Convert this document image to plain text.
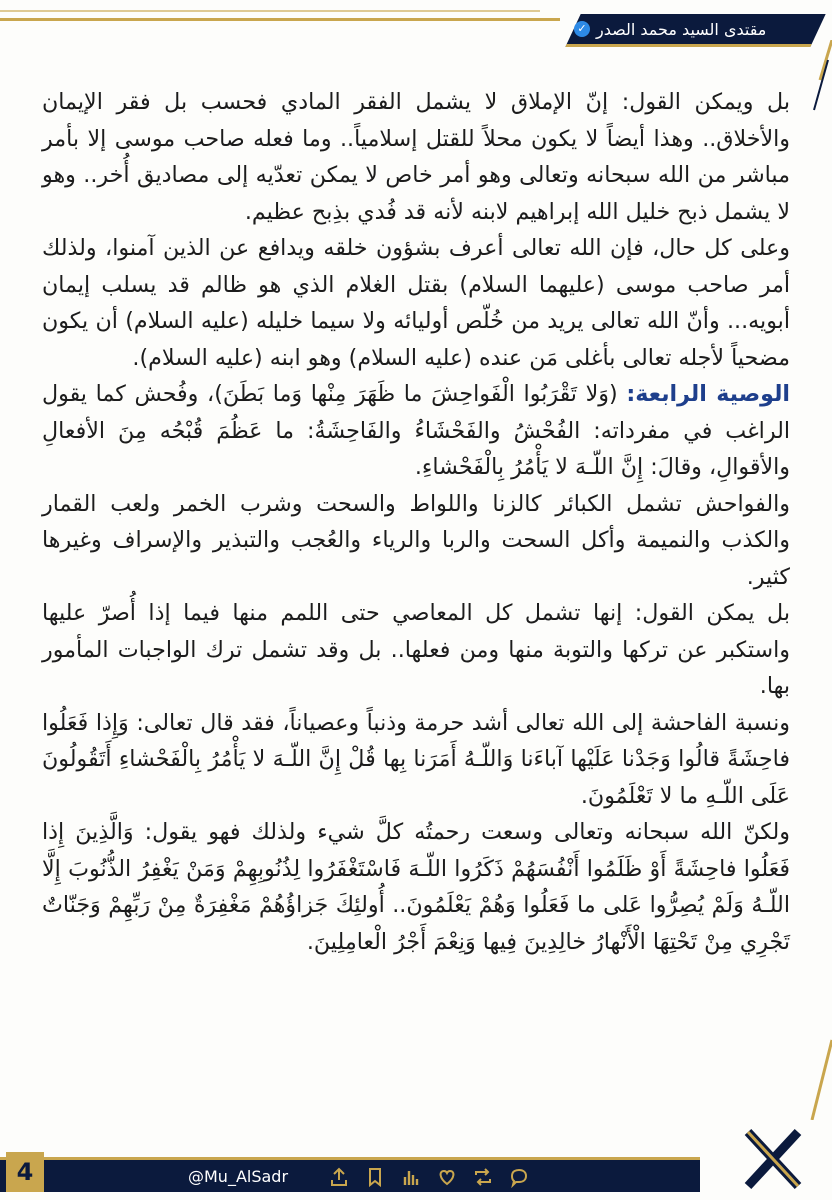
مقتدى السيد محمد الصدر
✓

بل ويمكن القول: إنّ الإملاق لا يشمل الفقر المادي فحسب بل فقر الإيمان والأخلاق.. وهذا أيضاً لا يكون محلاً للقتل إسلامياً.. وما فعله صاحب موسى إلا بأمر مباشر من الله سبحانه وتعالى وهو أمر خاص لا يمكن تعدّيه إلى مصاديق أُخر.. وهو لا يشمل ذبح خليل الله إبراهيم لابنه لأنه قد فُدي بذِبح عظيم.

وعلى كل حال، فإن الله تعالى أعرف بشؤون خلقه ويدافع عن الذين آمنوا، ولذلك أمر صاحب موسى (عليهما السلام) بقتل الغلام الذي هو ظالم قد يسلب إيمان أبويه... وأنّ الله تعالى يريد من خُلّص أوليائه ولا سيما خليله (عليه السلام) أن يكون مضحياً لأجله تعالى بأغلى مَن عنده (عليه السلام) وهو ابنه (عليه السلام).

الوصية الرابعة: (وَلا تَقْرَبُوا الْفَواحِشَ ما ظَهَرَ مِنْها وَما بَطَنَ)، وفُحش كما يقول الراغب في مفرداته: الفُحْشُ والفَحْشَاءُ والفَاحِشَةُ: ما عَظُمَ قُبْحُه مِنَ الأفعالِ والأقوالِ، وقالَ: إِنَّ اللّـهَ لا يَأْمُرُ بِالْفَحْشاءِ.

والفواحش تشمل الكبائر كالزنا واللواط والسحت وشرب الخمر ولعب القمار والكذب والنميمة وأكل السحت والربا والرياء والعُجب والتبذير والإسراف وغيرها كثير.

بل يمكن القول: إنها تشمل كل المعاصي حتى اللمم منها فيما إذا أُصرّ عليها واستكبر عن تركها والتوبة منها ومن فعلها.. بل وقد تشمل ترك الواجبات المأمور بها.

ونسبة الفاحشة إلى الله تعالى أشد حرمة وذنباً وعصياناً، فقد قال تعالى: وَإِذا فَعَلُوا فاحِشَةً قالُوا وَجَدْنا عَلَيْها آباءَنا وَاللّـهُ أَمَرَنا بِها قُلْ إِنَّ اللّـهَ لا يَأْمُرُ بِالْفَحْشاءِ أَتَقُولُونَ عَلَى اللّـهِ ما لا تَعْلَمُونَ.

ولكنّ الله سبحانه وتعالى وسعت رحمتُه كلَّ شيء ولذلك فهو يقول: وَالَّذِينَ إِذا فَعَلُوا فاحِشَةً أَوْ ظَلَمُوا أَنْفُسَهُمْ ذَكَرُوا اللّـهَ فَاسْتَغْفَرُوا لِذُنُوبِهِمْ وَمَنْ يَغْفِرُ الذُّنُوبَ إِلَّا اللّـهُ وَلَمْ يُصِرُّوا عَلى ما فَعَلُوا وَهُمْ يَعْلَمُونَ.. أُولئِكَ جَزاؤُهُمْ مَغْفِرَةٌ مِنْ رَبِّهِمْ وَجَنّاتٌ تَجْرِي مِنْ تَحْتِهَا الْأَنْهارُ خالِدِينَ فِيها وَنِعْمَ أَجْرُ الْعامِلِينَ.

4	@Mu_AlSadr
